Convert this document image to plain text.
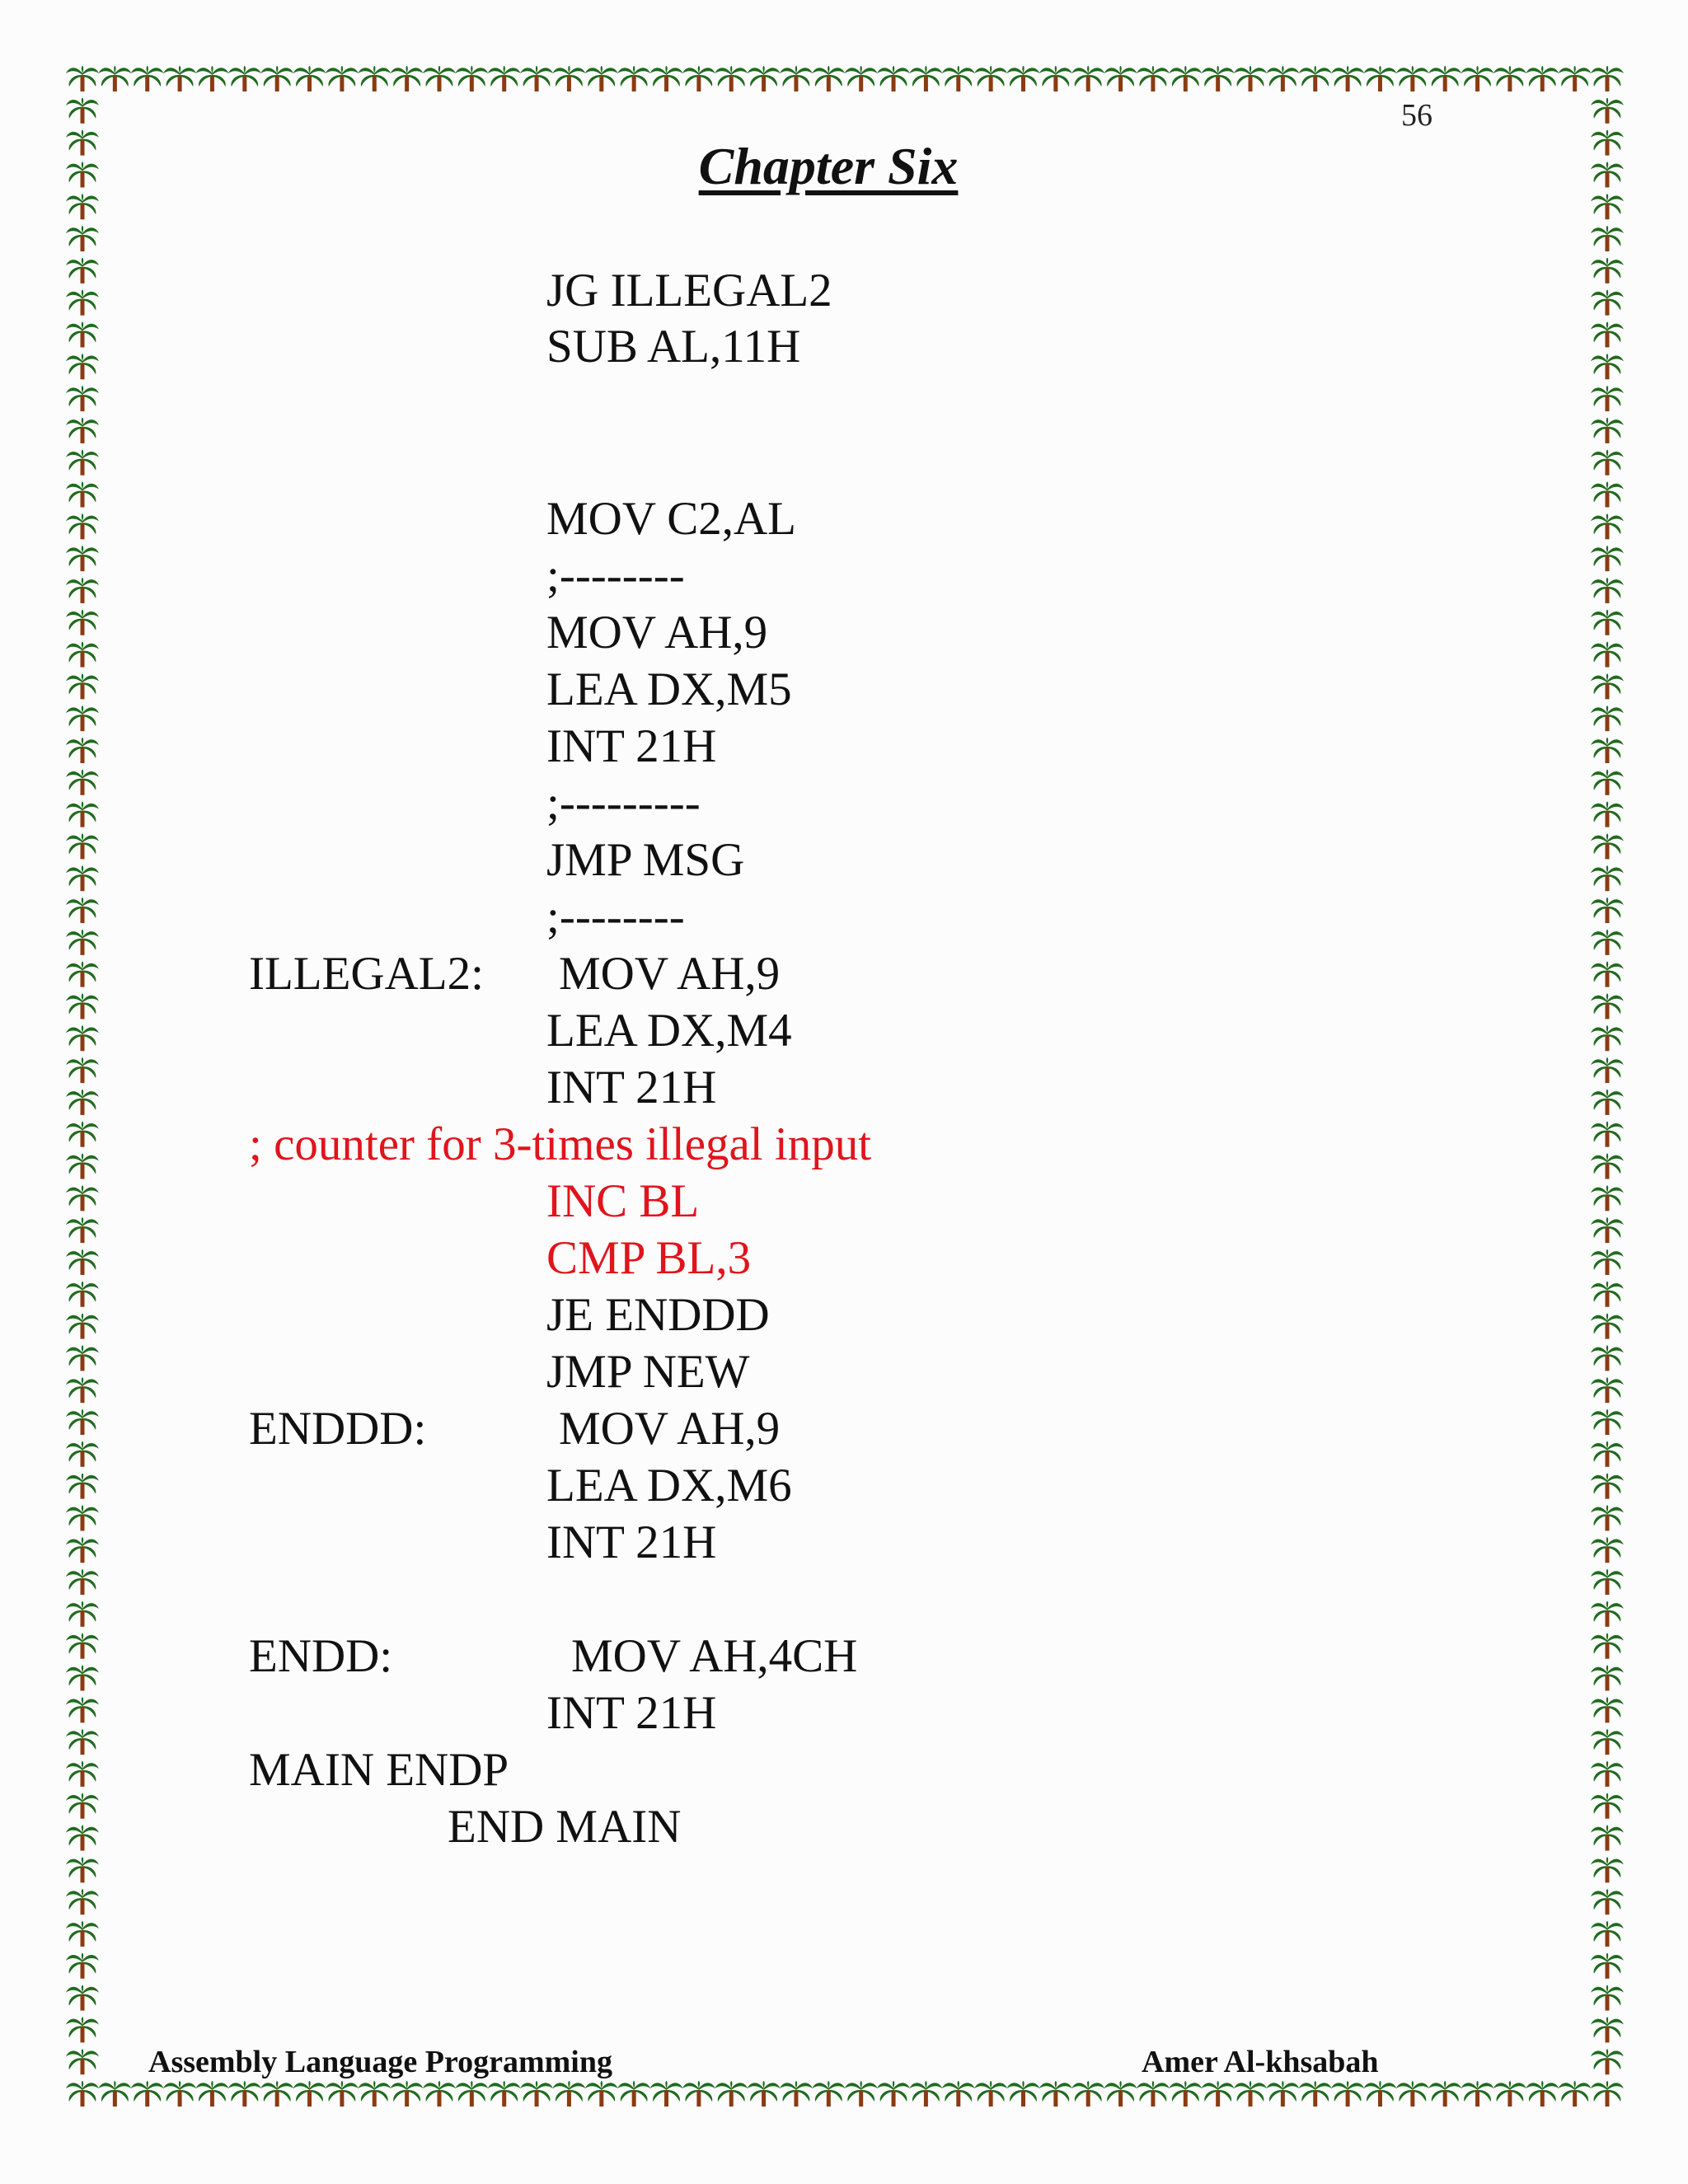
56
Chapter Six
JG ILLEGAL2
SUB AL,11H
MOV C2,AL
;--------
MOV AH,9
LEA DX,M5
INT 21H
;---------
JMP MSG
;--------
ILLEGAL2: MOV AH,9
LEA DX,M4
INT 21H
; counter for 3-times illegal input
INC BL
CMP BL,3
JE ENDDD
JMP NEW
ENDDD:	MOV AH,9
LEA DX,M6
INT 21H
ENDD:	MOV AH,4CH
INT 21H
MAIN ENDP
END MAIN
Assembly Language Programming	Amer Al-khsabah
